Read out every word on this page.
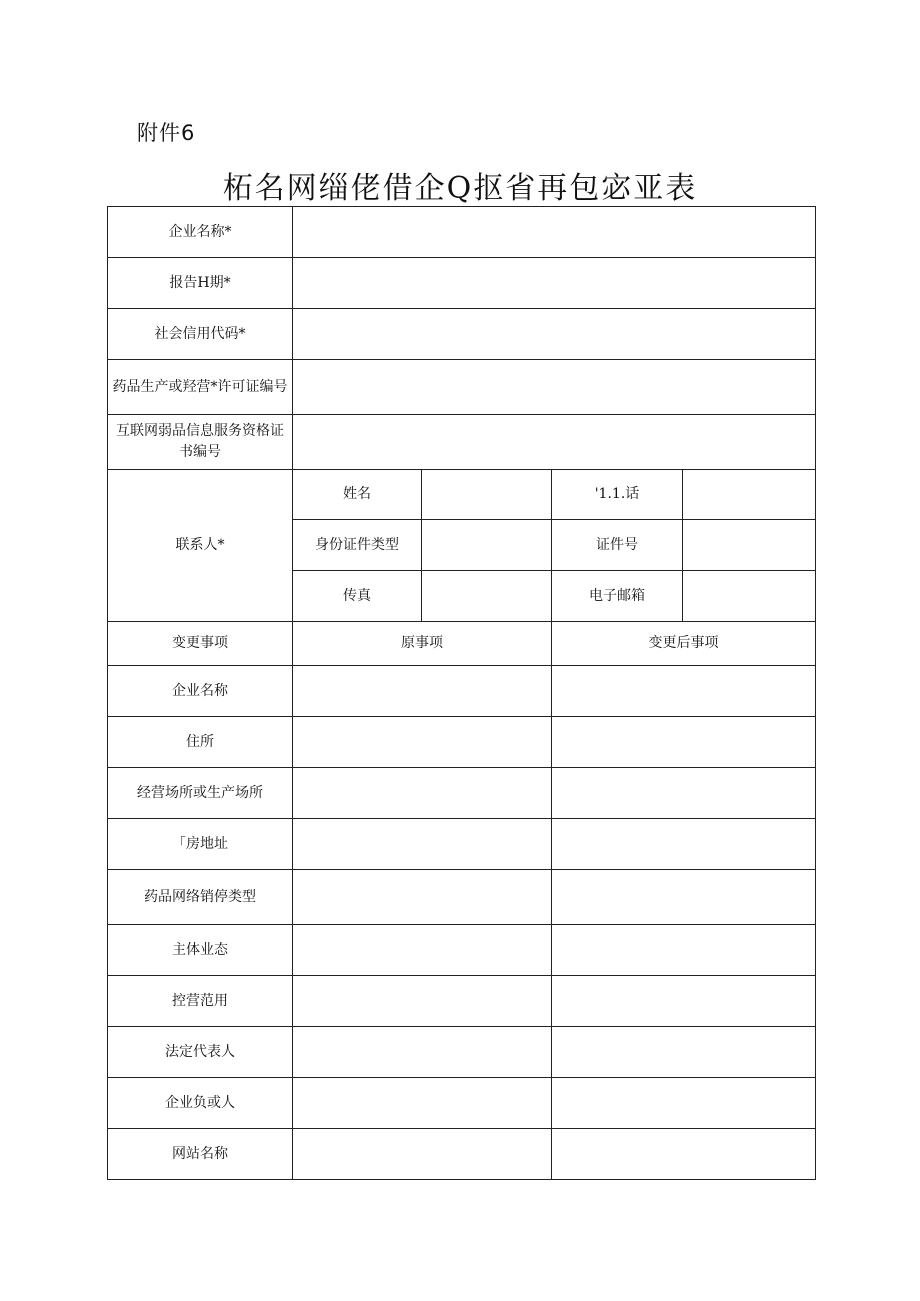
附件6
柘名网缁佬借企Q抠省再包宓亚表
企业名称*				
报告H期*				
社会信用代码*				
药品生产或羟营*许可证编号				
互联网弱品信息服务资格证书编号				
联系人*	姓名		'1.1.话	
	身份证件类型		证件号	
	传真		电子邮箱	
变更事项	原事项		变更后事项	
企业名称				
住所				
经营场所或生产场所				
「房地址				
药品网络销停类型				
主体业态				
控营范用				
法定代表人				
企业负或人				
网站名称				
